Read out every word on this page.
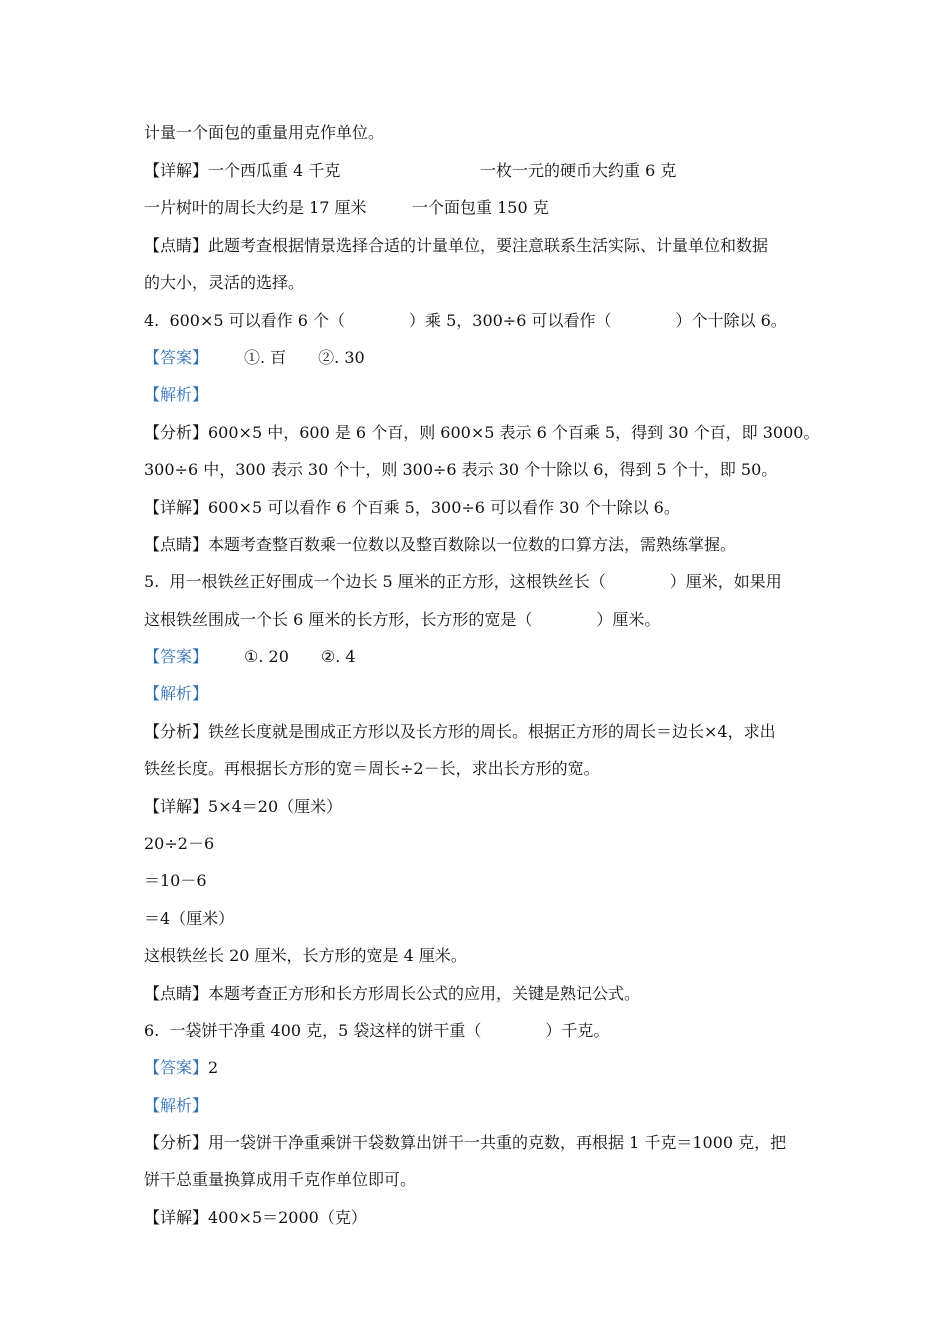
计量一个面包的重量用克作单位。
【详解】一个西瓜重 4 千克	一枚一元的硬币大约重 6 克
一片树叶的周长大约是 17 厘米	一个面包重 150 克
【点睛】此题考查根据情景选择合适的计量单位，要注意联系生活实际、计量单位和数据
的大小，灵活的选择。
4.  600×5 可以看作 6 个（　　　　）乘 5，300÷6 可以看作（　　　　）个十除以 6。
【答案】 ①. 百　　②. 30
【解析】
【分析】600×5 中，600 是 6 个百，则 600×5 表示 6 个百乘 5，得到 30 个百，即 3000。
300÷6 中，300 表示 30 个十，则 300÷6 表示 30 个十除以 6，得到 5 个十，即 50。
【详解】600×5 可以看作 6 个百乘 5，300÷6 可以看作 30 个十除以 6。
【点睛】本题考查整百数乘一位数以及整百数除以一位数的口算方法，需熟练掌握。
5.  用一根铁丝正好围成一个边长 5 厘米的正方形，这根铁丝长（　　　　）厘米，如果用
这根铁丝围成一个长 6 厘米的长方形，长方形的宽是（　　　　）厘米。
【答案】 ①. 20　　②. 4
【解析】
【分析】铁丝长度就是围成正方形以及长方形的周长。根据正方形的周长＝边长×4，求出
铁丝长度。再根据长方形的宽＝周长÷2－长，求出长方形的宽。
【详解】5×4＝20（厘米）
20÷2－6
＝10－6
＝4（厘米）
这根铁丝长 20 厘米，长方形的宽是 4 厘米。
【点睛】本题考查正方形和长方形周长公式的应用，关键是熟记公式。
6.  一袋饼干净重 400 克，5 袋这样的饼干重（　　　　）千克。
【答案】 2
【解析】
【分析】用一袋饼干净重乘饼干袋数算出饼干一共重的克数，再根据 1 千克＝1000 克，把
饼干总重量换算成用千克作单位即可。
【详解】400×5＝2000（克）
